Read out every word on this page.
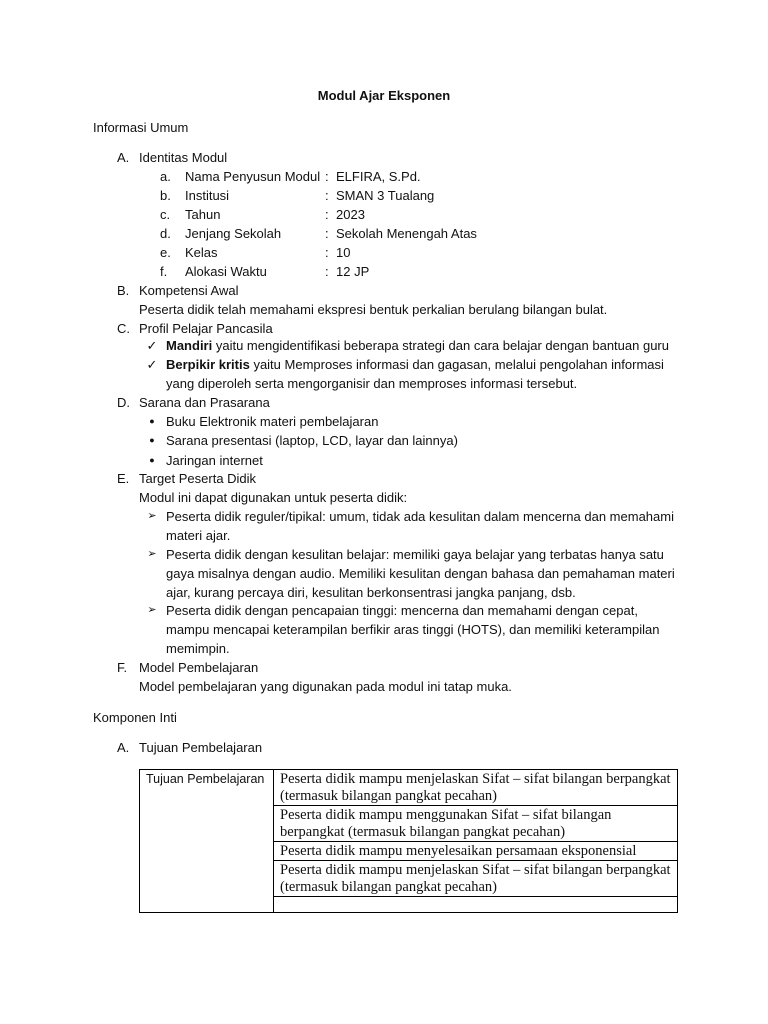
Modul Ajar Eksponen
Informasi Umum
A. Identitas Modul
a. Nama Penyusun Modul : ELFIRA, S.Pd.
b. Institusi	: SMAN 3 Tualang
c. Tahun	: 2023
d. Jenjang Sekolah	: Sekolah Menengah Atas
e. Kelas	: 10
f. Alokasi Waktu	: 12 JP
B. Kompetensi Awal
Peserta didik telah memahami ekspresi bentuk perkalian berulang bilangan bulat.
C. Profil Pelajar Pancasila
✓ Mandiri yaitu mengidentifikasi beberapa strategi dan cara belajar dengan bantuan guru
✓ Berpikir kritis yaitu Memproses informasi dan gagasan, melalui pengolahan informasi yang diperoleh serta mengorganisir dan memproses informasi tersebut.
D. Sarana dan Prasarana
● Buku Elektronik materi pembelajaran
● Sarana presentasi (laptop, LCD, layar dan lainnya)
● Jaringan internet
E. Target Peserta Didik
Modul ini dapat digunakan untuk peserta didik:
➢ Peserta didik reguler/tipikal: umum, tidak ada kesulitan dalam mencerna dan memahami materi ajar.
➢ Peserta didik dengan kesulitan belajar: memiliki gaya belajar yang terbatas hanya satu gaya misalnya dengan audio. Memiliki kesulitan dengan bahasa dan pemahaman materi ajar, kurang percaya diri, kesulitan berkonsentrasi jangka panjang, dsb.
➢ Peserta didik dengan pencapaian tinggi: mencerna dan memahami dengan cepat, mampu mencapai keterampilan berfikir aras tinggi (HOTS), dan memiliki keterampilan memimpin.
F. Model Pembelajaran
Model pembelajaran yang digunakan pada modul ini tatap muka.
Komponen Inti
A. Tujuan Pembelajaran
Tujuan Pembelajaran	Peserta didik mampu menjelaskan Sifat – sifat bilangan berpangkat (termasuk bilangan pangkat pecahan)
Peserta didik mampu menggunakan Sifat – sifat bilangan berpangkat (termasuk bilangan pangkat pecahan)
Peserta didik mampu menyelesaikan persamaan eksponensial
Peserta didik mampu menjelaskan Sifat – sifat bilangan berpangkat (termasuk bilangan pangkat pecahan)
